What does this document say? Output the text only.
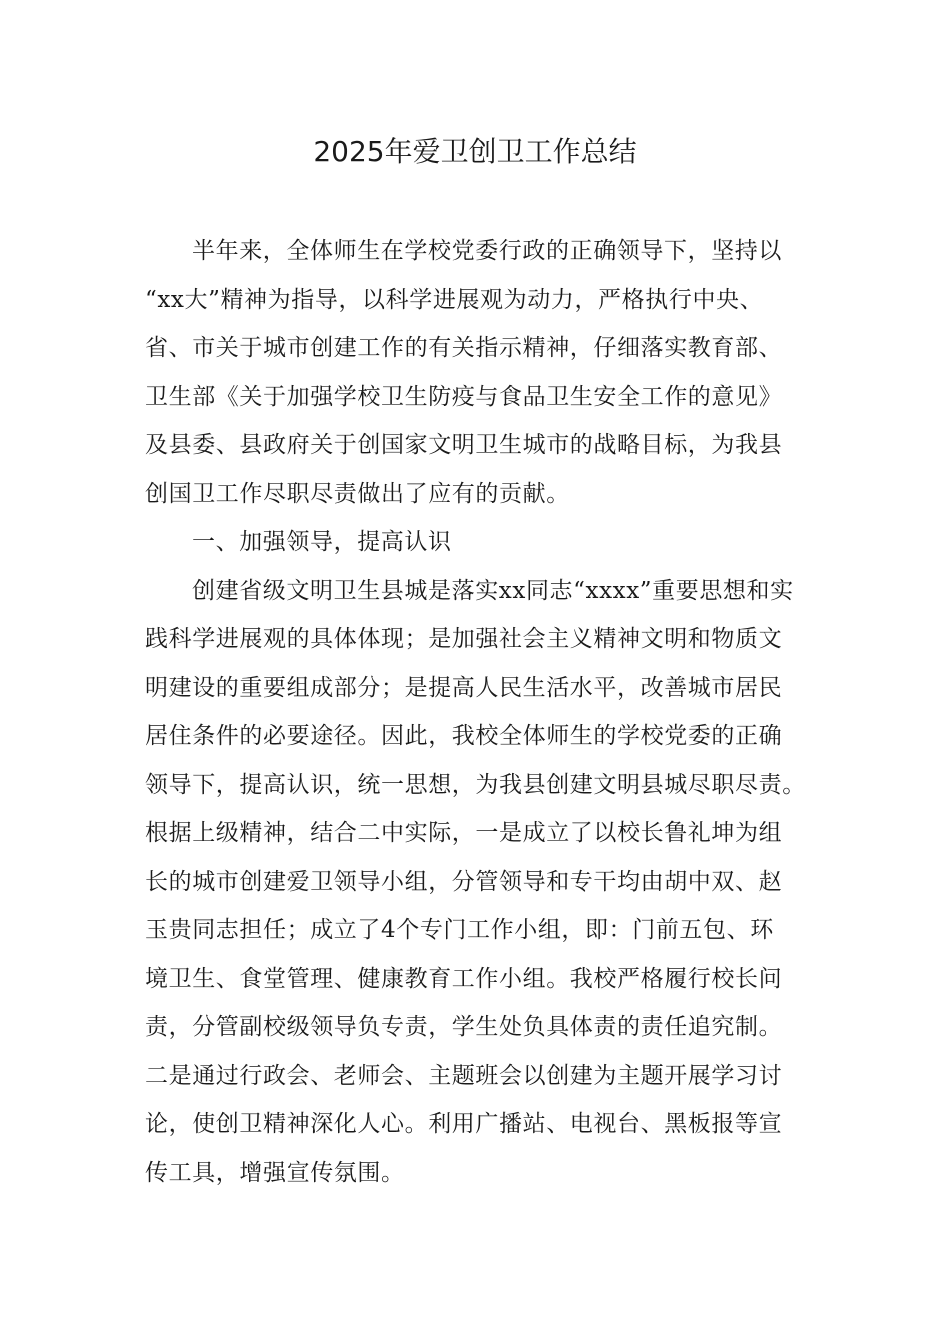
2025年爱卫创卫工作总结
半年来，全体师生在学校党委行政的正确领导下，坚持以
“xx大”精神为指导，以科学进展观为动力，严格执行中央、
省、市关于城市创建工作的有关指示精神，仔细落实教育部、
卫生部《关于加强学校卫生防疫与食品卫生安全工作的意见》
及县委、县政府关于创国家文明卫生城市的战略目标，为我县
创国卫工作尽职尽责做出了应有的贡献。
一、加强领导，提高认识
创建省级文明卫生县城是落实xx同志“xxxx”重要思想和实
践科学进展观的具体体现；是加强社会主义精神文明和物质文
明建设的重要组成部分；是提高人民生活水平，改善城市居民
居住条件的必要途径。因此，我校全体师生的学校党委的正确
领导下，提高认识，统一思想，为我县创建文明县城尽职尽责。
根据上级精神，结合二中实际，一是成立了以校长鲁礼坤为组
长的城市创建爱卫领导小组，分管领导和专干均由胡中双、赵
玉贵同志担任；成立了4个专门工作小组，即：门前五包、环
境卫生、食堂管理、健康教育工作小组。我校严格履行校长问
责，分管副校级领导负专责，学生处负具体责的责任追究制。
二是通过行政会、老师会、主题班会以创建为主题开展学习讨
论，使创卫精神深化人心。利用广播站、电视台、黑板报等宣
传工具，增强宣传氛围。
